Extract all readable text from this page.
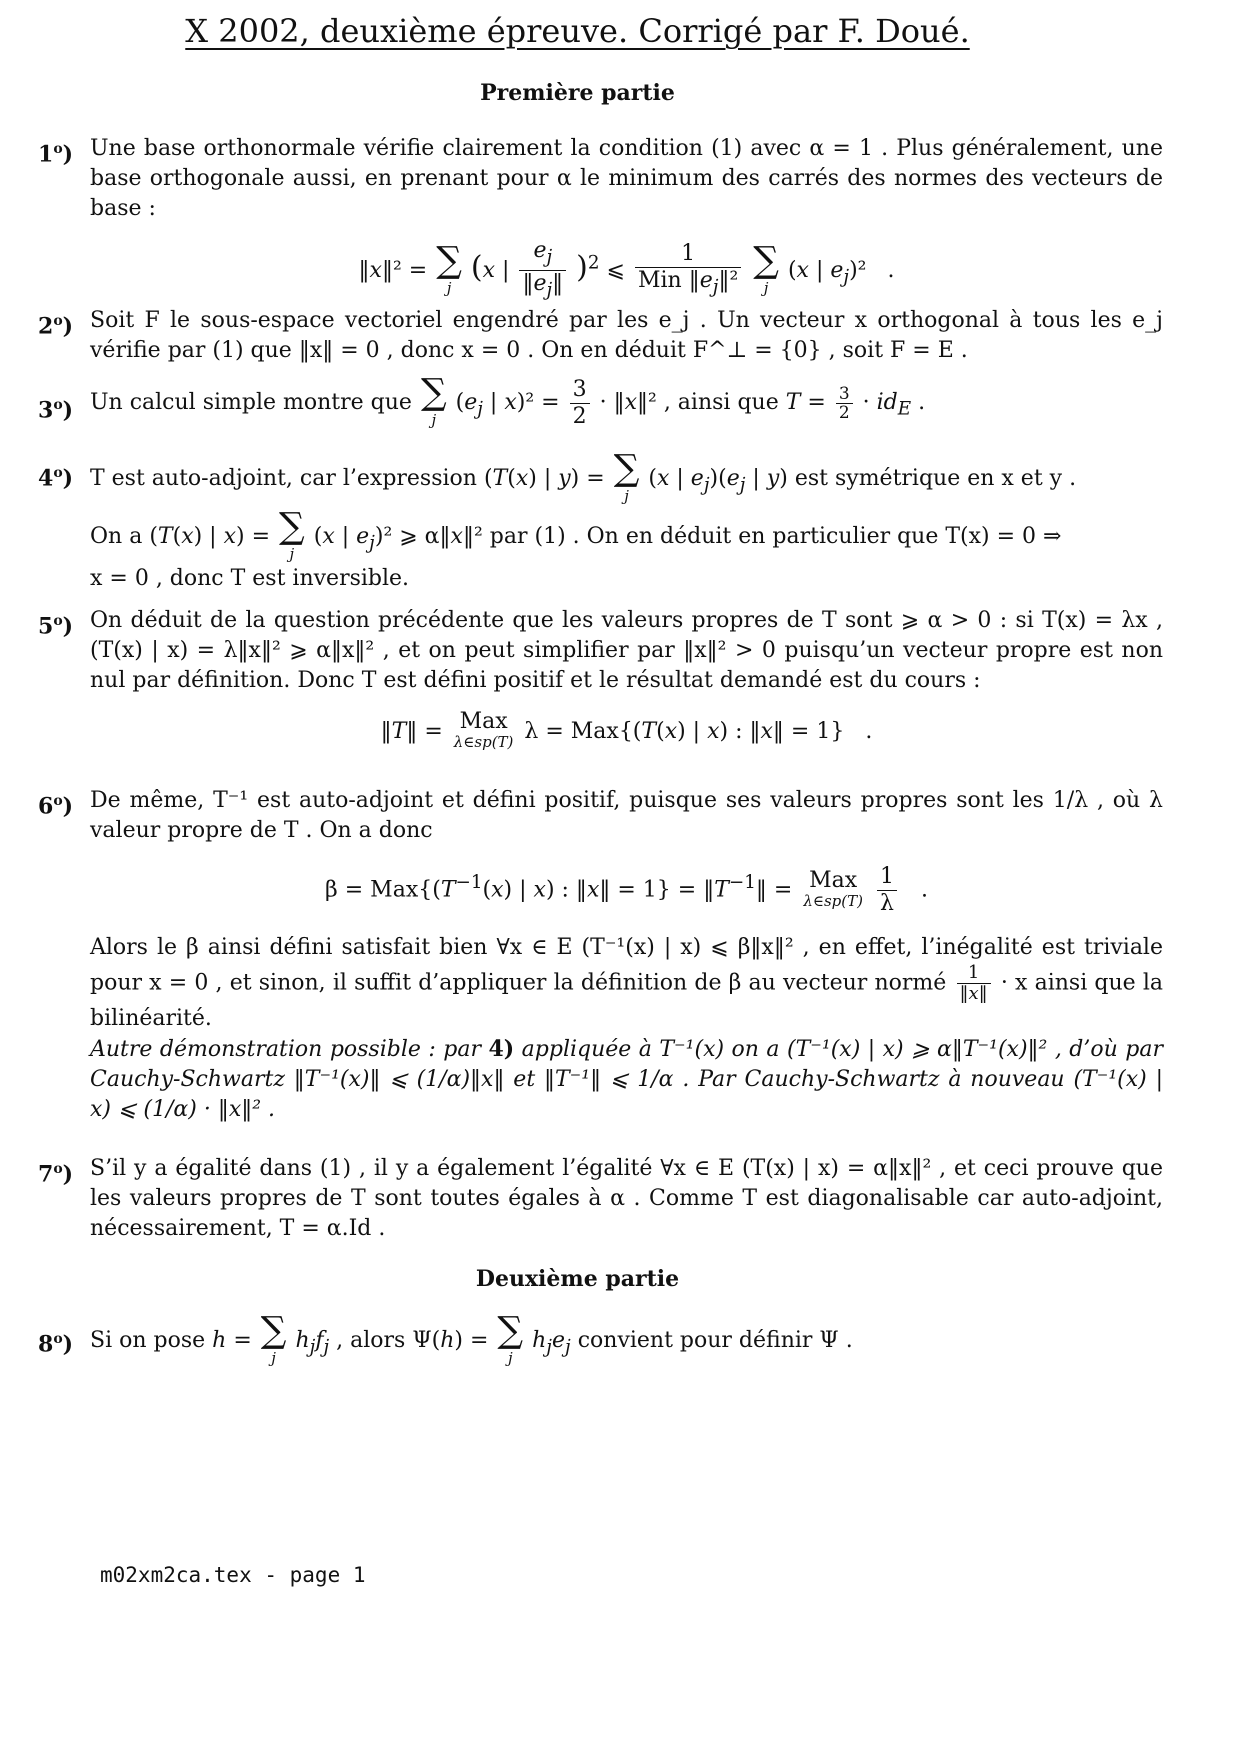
X 2002, deuxième épreuve. Corrigé par F. Doué.
Première partie
1$^o$) Une base orthonormale vérifie clairement la condition (1) avec α = 1 . Plus généralement, une base orthogonale aussi, en prenant pour α le minimum des carrés des normes des vecteurs de base :

‖x‖² = ∑
j
(x | $\frac{e_j}{‖e_j‖} )^2$ ⩽ $\frac{1}{Min ‖e_j‖^2}$
∑
j
(x | $e_j)^2$   .
2$^o$) Soit F le sous-espace vectoriel engendré par les e_j . Un vecteur x orthogonal à tous les e_j vérifie par (1) que ‖x‖ = 0 , donc x = 0 . On en déduit F^⊥ = {0} , soit F = E .

3$^o$) Un calcul simple montre que ∑
j
($e_j$ | $x)^2 = \frac{3}{2}$ · ‖x‖² , ainsi que $T = \frac{3}{2} \cdot id_E$ .
4$^o$) T est auto-adjoint, car l’expression (T(x) | y) = ∑
j
(x | $e_j)(e_j$ | y) est symétrique en x et y .

On a (T(x) | x) = ∑
j
(x | $e_j)^2$ ⩾ α‖x‖² par (1) . On en déduit en particulier que T(x) = 0 ⇒

x = 0 , donc T est inversible.

5$^o$) On déduit de la question précédente que les valeurs propres de T sont ⩾ α > 0 : si T(x) = λx , (T(x) | x) = λ‖x‖² ⩾ α‖x‖² , et on peut simplifier par ‖x‖² > 0 puisqu’un vecteur propre est non nul par définition. Donc T est défini positif et le résultat demandé est du cours :

‖T‖ = Max
λ∈sp(T) λ = Max{(T(x) | x) : ‖x‖ = 1}   .
6$^o$) De même, T⁻¹ est auto-adjoint et défini positif, puisque ses valeurs propres sont les 1/λ , où λ valeur propre de T . On a donc

$\beta = Max\{(T^{-1}(x)$ | x) : ‖x‖ = $1\} = ‖T^{-1}‖$ = Max
λ∈sp(T)
$\frac{1}{\lambda}$ .

Alors le β ainsi défini satisfait bien ∀x ∈ E (T⁻¹(x) | x) ⩽ β‖x‖² , en effet, l’inégalité est triviale pour x = 0 , et sinon, il suffit d’appliquer la définition de β au vecteur normé $\frac{1}{‖x‖} \cdot x$ ainsi que la bilinéarité.

Autre démonstration possible : par 4) appliquée à T⁻¹(x) on a (T⁻¹(x) | x) ⩾ α‖T⁻¹(x)‖² , d’où par Cauchy-Schwartz ‖T⁻¹(x)‖ ⩽ (1/α)‖x‖ et ‖T⁻¹‖ ⩽ 1/α . Par Cauchy-Schwartz à nouveau (T⁻¹(x) | x) ⩽ (1/α) · ‖x‖² .

7$^o$) S’il y a égalité dans (1) , il y a également l’égalité ∀x ∈ E (T(x) | x) = α‖x‖² , et ceci prouve que les valeurs propres de T sont toutes égales à α . Comme T est diagonalisable car auto-adjoint, nécessairement, T = α.Id .

Deuxième partie
8$^o$) Si on pose h = ∑
j
$h_jf_j$ , alors Ψ(h) = ∑
j
$h_je_j$ convient pour définir Ψ .
m02xm2ca.tex - page 1
